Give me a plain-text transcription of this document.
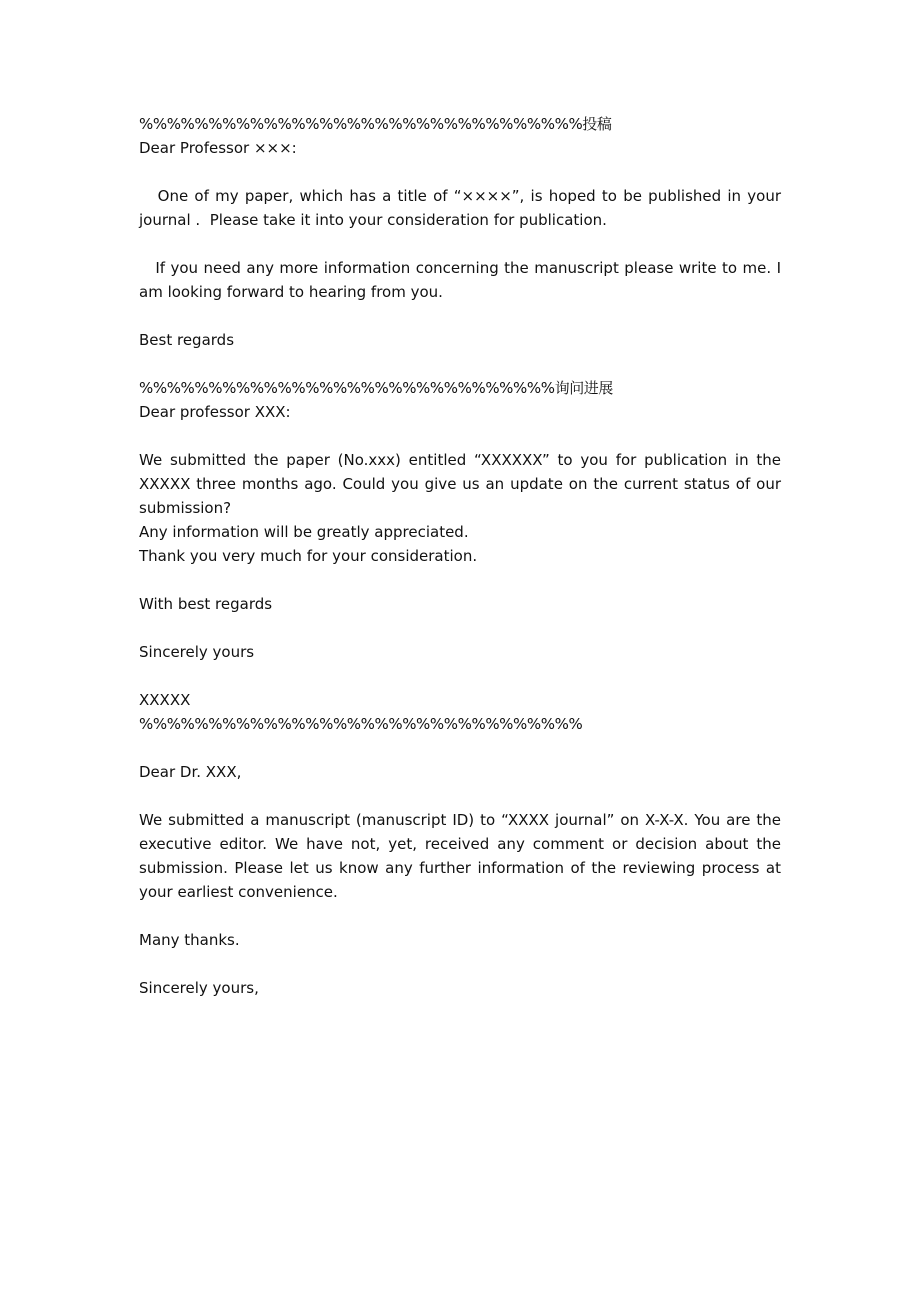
%%%%%%%%%%%%%%%%%%%%%%%%%%%%%%%%投稿
Dear Professor ×××:
One of my paper, which has a title of “××××”, is hoped to be published in your journal .  Please take it into your consideration for publication.
If you need any more information concerning the manuscript please write to me. I am looking forward to hearing from you.
Best regards
%%%%%%%%%%%%%%%%%%%%%%%%%%%%%%询问进展
Dear professor XXX:
We submitted the paper (No.xxx) entitled “XXXXXX” to you for publication in the XXXXX three months ago. Could you give us an update on the current status of our submission?
Any information will be greatly appreciated.
Thank you very much for your consideration.
With best regards
Sincerely yours
XXXXX
%%%%%%%%%%%%%%%%%%%%%%%%%%%%%%%%
Dear Dr. XXX,
We submitted a manuscript (manuscript ID) to “XXXX journal” on X-X-X. You are the executive editor. We have not, yet, received any comment or decision about the submission. Please let us know any further information of the reviewing process at your earliest convenience.
Many thanks.
Sincerely yours,
